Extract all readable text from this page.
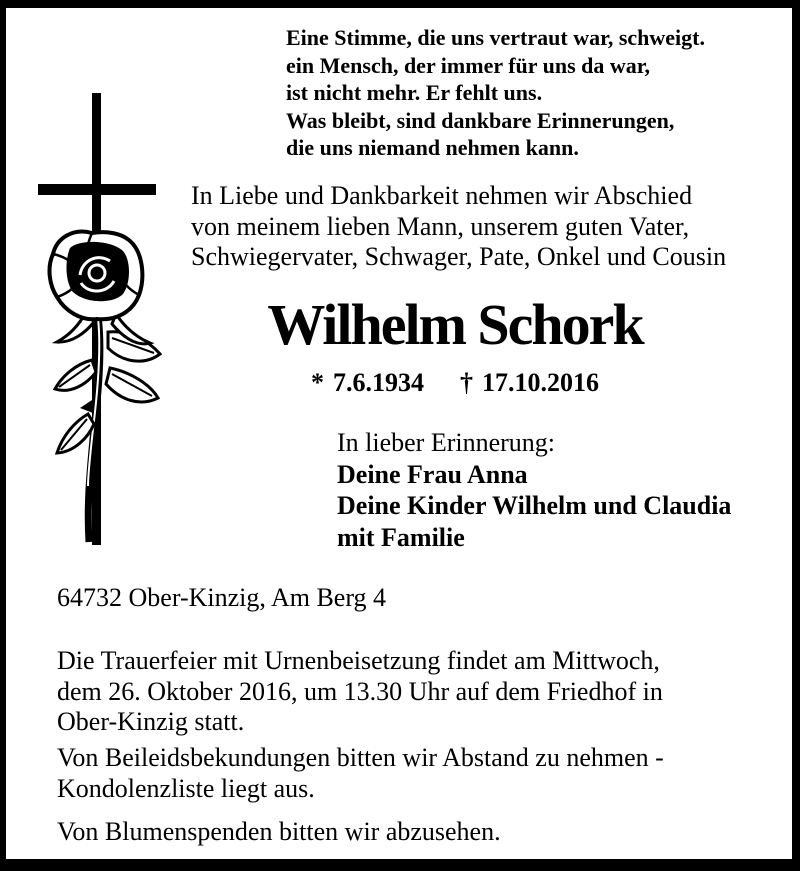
Eine Stimme, die uns vertraut war, schweigt.
ein Mensch, der immer für uns da war,
ist nicht mehr. Er fehlt uns.
Was bleibt, sind dankbare Erinnerungen,
die uns niemand nehmen kann.
In Liebe und Dankbarkeit nehmen wir Abschied
von meinem lieben Mann, unserem guten Vater,
Schwiegervater, Schwager, Pate, Onkel und Cousin
Wilhelm Schork
* 7.6.1934 † 17.10.2016
In lieber Erinnerung:
Deine Frau Anna
Deine Kinder Wilhelm und Claudia
mit Familie
64732 Ober-Kinzig, Am Berg 4
Die Trauerfeier mit Urnenbeisetzung findet am Mittwoch,
dem 26. Oktober 2016, um 13.30 Uhr auf dem Friedhof in
Ober-Kinzig statt.
Von Beileidsbekundungen bitten wir Abstand zu nehmen -
Kondolenzliste liegt aus.
Von Blumenspenden bitten wir abzusehen.
